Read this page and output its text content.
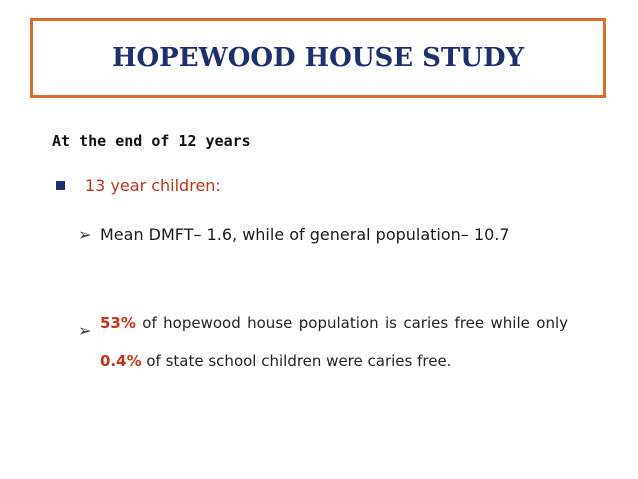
HOPEWOOD HOUSE STUDY

At the end of 12 years

13 year children:
➢ Mean DMFT– 1.6, while of general population– 10.7
➢ 53% of hopewood house population is caries free while only 0.4% of state school children were caries free.
